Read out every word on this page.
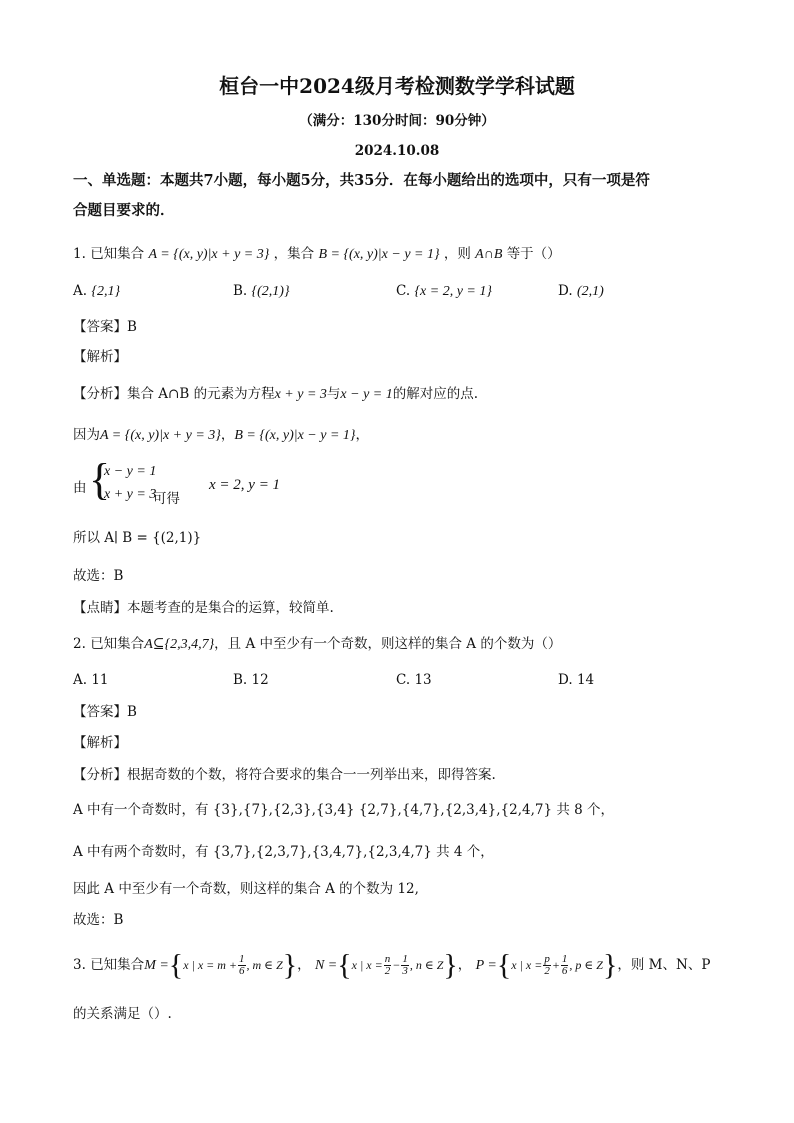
桓台一中2024级月考检测数学学科试题
（满分：130分时间：90分钟）
2024.10.08
一、单选题：本题共7小题，每小题5分，共35分．在每小题给出的选项中，只有一项是符
合题目要求的．
1. 已知集合 A = {(x, y)|x + y = 3} ，集合 B = {(x, y)|x − y = 1} ，则 A∩B 等于（）
A. {2,1}	B. {(2,1)}	C. {x = 2, y = 1}	D. (2,1)
【答案】B
【解析】
【分析】集合 A∩B 的元素为方程x + y = 3与x − y = 1的解对应的点.
因为A = {(x, y)|x + y = 3}，B = {(x, y)|x − y = 1}，
由 {
x − y = 1
x + y = 3
可得
x = 2, y = 1
所以 A∣ B = {(2,1)}
故选：B
【点睛】本题考查的是集合的运算，较简单.
2. 已知集合A⊆{2,3,4,7}，且 A 中至少有一个奇数，则这样的集合 A 的个数为（）
A. 11	B. 12	C. 13	D. 14
【答案】B
【解析】
【分析】根据奇数的个数，将符合要求的集合一一列举出来，即得答案.
A 中有一个奇数时，有 {3},{7},{2,3},{3,4} {2,7},{4,7},{2,3,4},{2,4,7} 共 8 个，
A 中有两个奇数时，有 {3,7},{2,3,7},{3,4,7},{2,3,4,7} 共 4 个，
因此 A 中至少有一个奇数，则这样的集合 A 的个数为 12,
故选：B
3. 已知集合M ={x | $x = m + \frac{1}{6}$ , m ∈ Z}， N ={x | $x = \frac{n}{2} - \frac{1}{3}$ , n ∈ Z}， P ={x | $x = \frac{p}{2} + \frac{1}{6}$ , p ∈ Z}，则 M、N、P
的关系满足（）.
